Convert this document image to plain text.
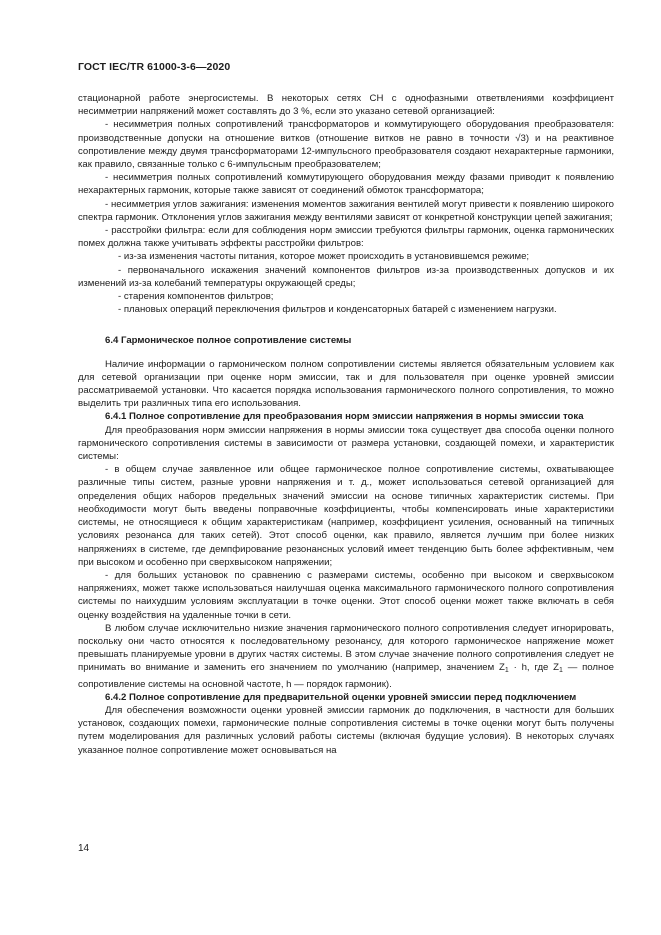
ГОСТ IEC/TR 61000-3-6—2020

стационарной работе энергосистемы. В некоторых сетях СН с однофазными ответвлениями коэффициент несимметрии напряжений может составлять до 3 %, если это указано сетевой организацией:

- несимметрия полных сопротивлений трансформаторов и коммутирующего оборудования преобразователя: производственные допуски на отношение витков (отношение витков не равно в точности √3) и на реактивное сопротивление между двумя трансформаторами 12-импульсного преобразователя создают нехарактерные гармоники, как правило, связанные только с 6-импульсным преобразователем;

- несимметрия полных сопротивлений коммутирующего оборудования между фазами приводит к появлению нехарактерных гармоник, которые также зависят от соединений обмоток трансформатора;

- несимметрия углов зажигания: изменения моментов зажигания вентилей могут привести к появлению широкого спектра гармоник. Отклонения углов зажигания между вентилями зависят от конкретной конструкции цепей зажигания;

- расстройки фильтра: если для соблюдения норм эмиссии требуются фильтры гармоник, оценка гармонических помех должна также учитывать эффекты расстройки фильтров:

- из-за изменения частоты питания, которое может происходить в установившемся режиме;

- первоначального искажения значений компонентов фильтров из-за производственных допусков и их изменений из-за колебаний температуры окружающей среды;

- старения компонентов фильтров;

- плановых операций переключения фильтров и конденсаторных батарей с изменением нагрузки.

6.4 Гармоническое полное сопротивление системы

Наличие информации о гармоническом полном сопротивлении системы является обязательным условием как для сетевой организации при оценке норм эмиссии, так и для пользователя при оценке уровней эмиссии рассматриваемой установки. Что касается порядка использования гармонического полного сопротивления, то можно выделить три различных типа его использования.

6.4.1 Полное сопротивление для преобразования норм эмиссии напряжения в нормы эмиссии тока

Для преобразования норм эмиссии напряжения в нормы эмиссии тока существует два способа оценки полного гармонического сопротивления системы в зависимости от размера установки, создающей помехи, и характеристик системы:

- в общем случае заявленное или общее гармоническое полное сопротивление системы, охватывающее различные типы систем, разные уровни напряжения и т. д., может использоваться сетевой организацией для определения общих наборов предельных значений эмиссии на основе типичных характеристик системы. При необходимости могут быть введены поправочные коэффициенты, чтобы компенсировать иные характеристики системы, не относящиеся к общим характеристикам (например, коэффициент усиления, основанный на типичных условиях резонанса для таких сетей). Этот способ оценки, как правило, является лучшим при более низких напряжениях в системе, где демпфирование резонансных условий имеет тенденцию быть более эффективным, чем при высоком и особенно при сверхвысоком напряжении;

- для больших установок по сравнению с размерами системы, особенно при высоком и сверхвысоком напряжениях, может также использоваться наилучшая оценка максимального гармонического полного сопротивления системы по наихудшим условиям эксплуатации в точке оценки. Этот способ оценки может также включать в себя оценку воздействия на удаленные точки в сети.

В любом случае исключительно низкие значения гармонического полного сопротивления следует игнорировать, поскольку они часто относятся к последовательному резонансу, для которого гармоническое напряжение может превышать планируемые уровни в других частях системы. В этом случае значение полного сопротивления следует не принимать во внимание и заменить его значением по умолчанию (например, значением $Z_1 \cdot h$, где $Z_1$ — полное сопротивление системы на основной частоте, h — порядок гармоник).

6.4.2 Полное сопротивление для предварительной оценки уровней эмиссии перед подключением

Для обеспечения возможности оценки уровней эмиссии гармоник до подключения, в частности для больших установок, создающих помехи, гармонические полные сопротивления системы в точке оценки могут быть получены путем моделирования для различных условий работы системы (включая будущие условия). В некоторых случаях указанное полное сопротивление может основываться на

14
